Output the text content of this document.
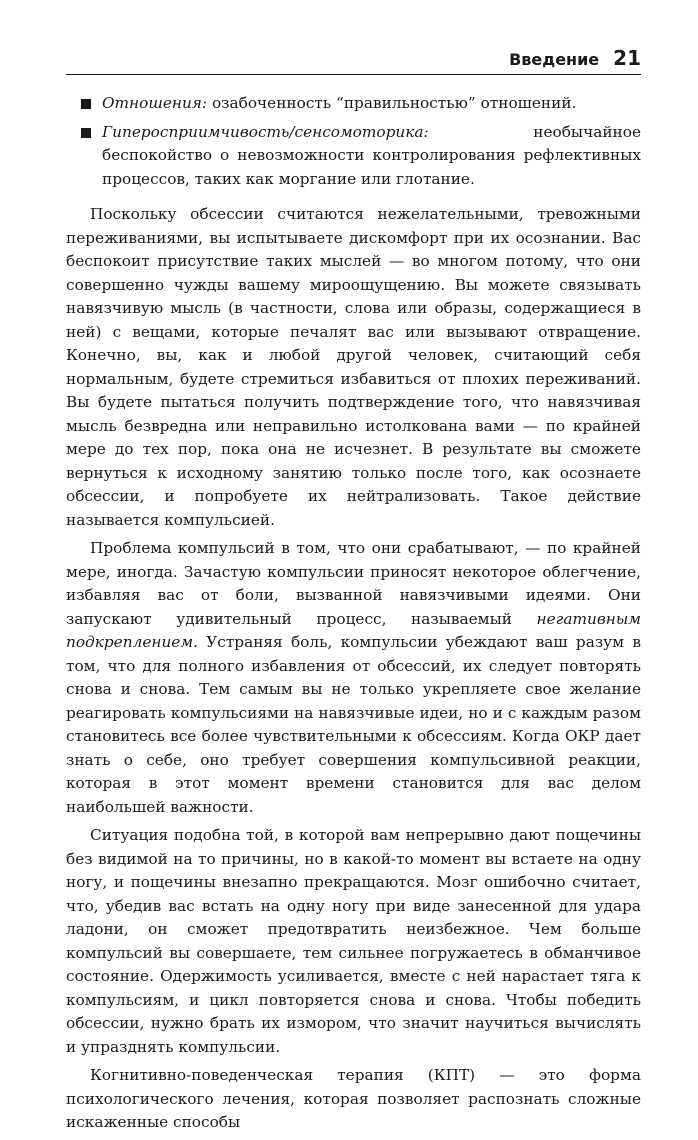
Введение 21
Отношения: озабоченность “правильностью” отношений.
Гиперосприимчивость/сенсомоторика: необычайное беспокойство о невозможности контролирования рефлективных процессов, таких как моргание или глотание.

Поскольку обсессии считаются нежелательными, тревожными переживаниями, вы испытываете дискомфорт при их осознании. Вас беспокоит присутствие таких мыслей — во многом потому, что они совершенно чужды вашему мироощущению. Вы можете связывать навязчивую мысль (в частности, слова или образы, содержащиеся в ней) с вещами, которые печалят вас или вызывают отвращение. Конечно, вы, как и любой другой человек, считающий себя нормальным, будете стремиться избавиться от плохих переживаний. Вы будете пытаться получить подтверждение того, что навязчивая мысль безвредна или неправильно истолкована вами — по крайней мере до тех пор, пока она не исчезнет. В результате вы сможете вернуться к исходному занятию только после того, как осознаете обсессии, и попробуете их нейтрализовать. Такое действие называется компульсией.

Проблема компульсий в том, что они срабатывают, — по крайней мере, иногда. Зачастую компульсии приносят некоторое облегчение, избавляя вас от боли, вызванной навязчивыми идеями. Они запускают удивительный процесс, называемый негативным подкреплением. Устраняя боль, компульсии убеждают ваш разум в том, что для полного избавления от обсессий, их следует повторять снова и снова. Тем самым вы не только укрепляете свое желание реагировать компульсиями на навязчивые идеи, но и с каждым разом становитесь все более чувствительными к обсессиям. Когда ОКР дает знать о себе, оно требует совершения компульсивной реакции, которая в этот момент времени становится для вас делом наибольшей важности.

Ситуация подобна той, в которой вам непрерывно дают пощечины без видимой на то причины, но в какой-то момент вы встаете на одну ногу, и пощечины внезапно прекращаются. Мозг ошибочно считает, что, убедив вас встать на одну ногу при виде занесенной для удара ладони, он сможет предотвратить неизбежное. Чем больше компульсий вы совершаете, тем сильнее погружаетесь в обманчивое состояние. Одержимость усиливается, вместе с ней нарастает тяга к компульсиям, и цикл повторяется снова и снова. Чтобы победить обсессии, нужно брать их измором, что значит научиться вычислять и упразднять компульсии.

Когнитивно-поведенческая терапия (КПТ) — это форма психологического лечения, которая позволяет распознать сложные искаженные способы
